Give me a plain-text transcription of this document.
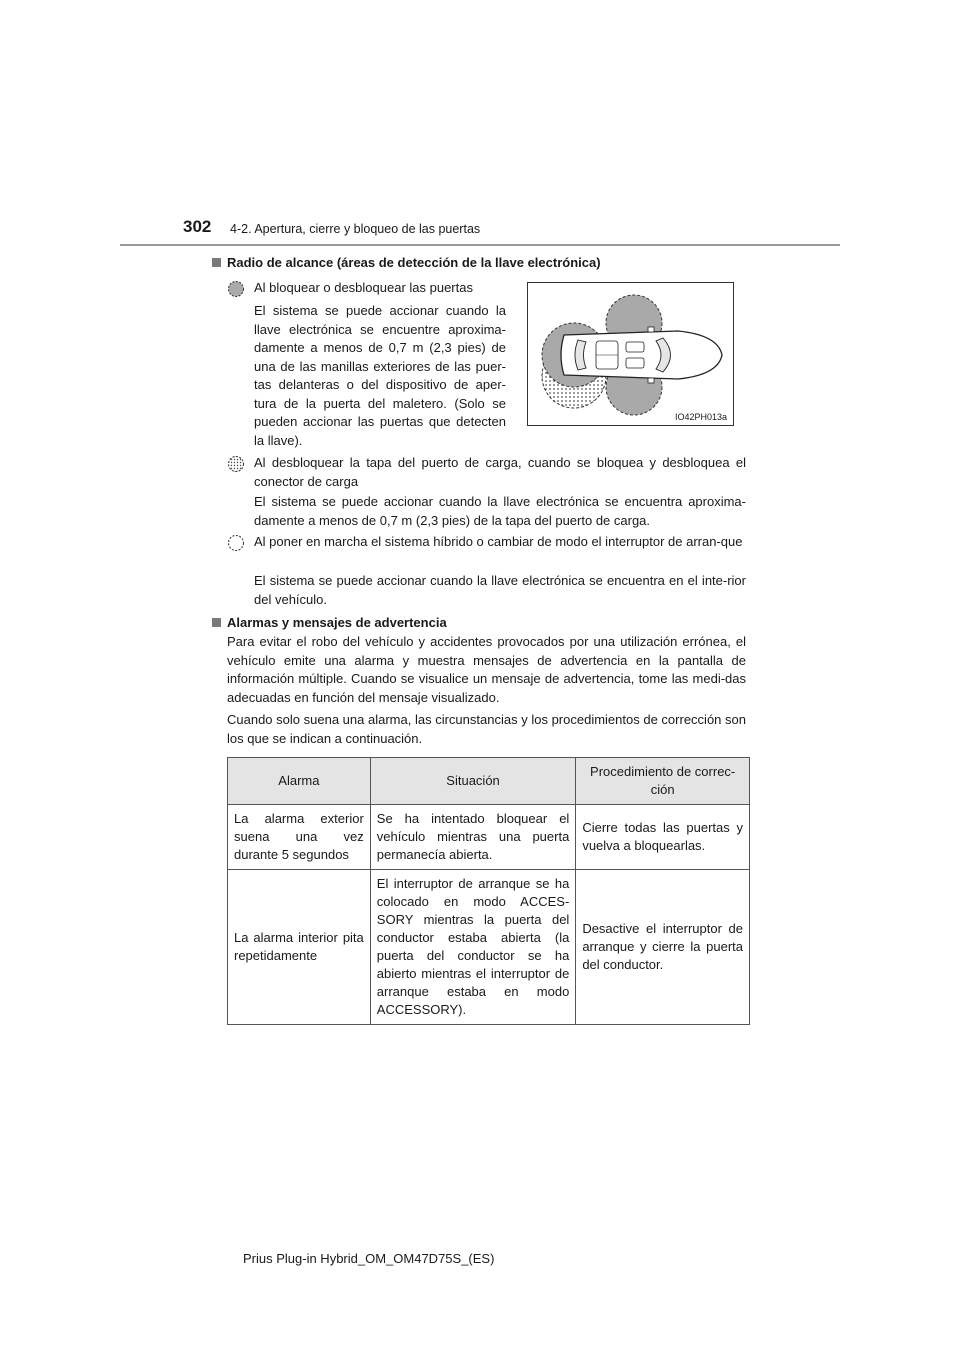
302 4-2. Apertura, cierre y bloqueo de las puertas
Radio de alcance (áreas de detección de la llave electrónica)
Al bloquear o desbloquear las puertas
El sistema se puede accionar cuando la llave electrónica se encuentre aproxima-damente a menos de 0,7 m (2,3 pies) de una de las manillas exteriores de las puer-tas delanteras o del dispositivo de aper-tura de la puerta del maletero. (Solo se pueden accionar las puertas que detecten la llave).
IO42PH013a
Al desbloquear la tapa del puerto de carga, cuando se bloquea y desbloquea el conector de carga
El sistema se puede accionar cuando la llave electrónica se encuentra aproxima-damente a menos de 0,7 m (2,3 pies) de la tapa del puerto de carga.
Al poner en marcha el sistema híbrido o cambiar de modo el interruptor de arran-que
El sistema se puede accionar cuando la llave electrónica se encuentra en el inte-rior del vehículo.
Alarmas y mensajes de advertencia
Para evitar el robo del vehículo y accidentes provocados por una utilización errónea, el vehículo emite una alarma y muestra mensajes de advertencia en la pantalla de información múltiple. Cuando se visualice un mensaje de advertencia, tome las medi-das adecuadas en función del mensaje visualizado.
Cuando solo suena una alarma, las circunstancias y los procedimientos de corrección son los que se indican a continuación.
Alarma	Situación	Procedimiento de correc-ción
La alarma exterior suena una vez durante 5 segundos	Se ha intentado bloquear el vehículo mientras una puerta permanecía abierta.	Cierre todas las puertas y vuelva a bloquearlas.
La alarma interior pita repetidamente	El interruptor de arranque se ha colocado en modo ACCES-SORY mientras la puerta del conductor estaba abierta (la puerta del conductor se ha abierto mientras el interruptor de arranque estaba en modo ACCESSORY).	Desactive el interruptor de arranque y cierre la puerta del conductor.
Prius Plug-in Hybrid_OM_OM47D75S_(ES)
